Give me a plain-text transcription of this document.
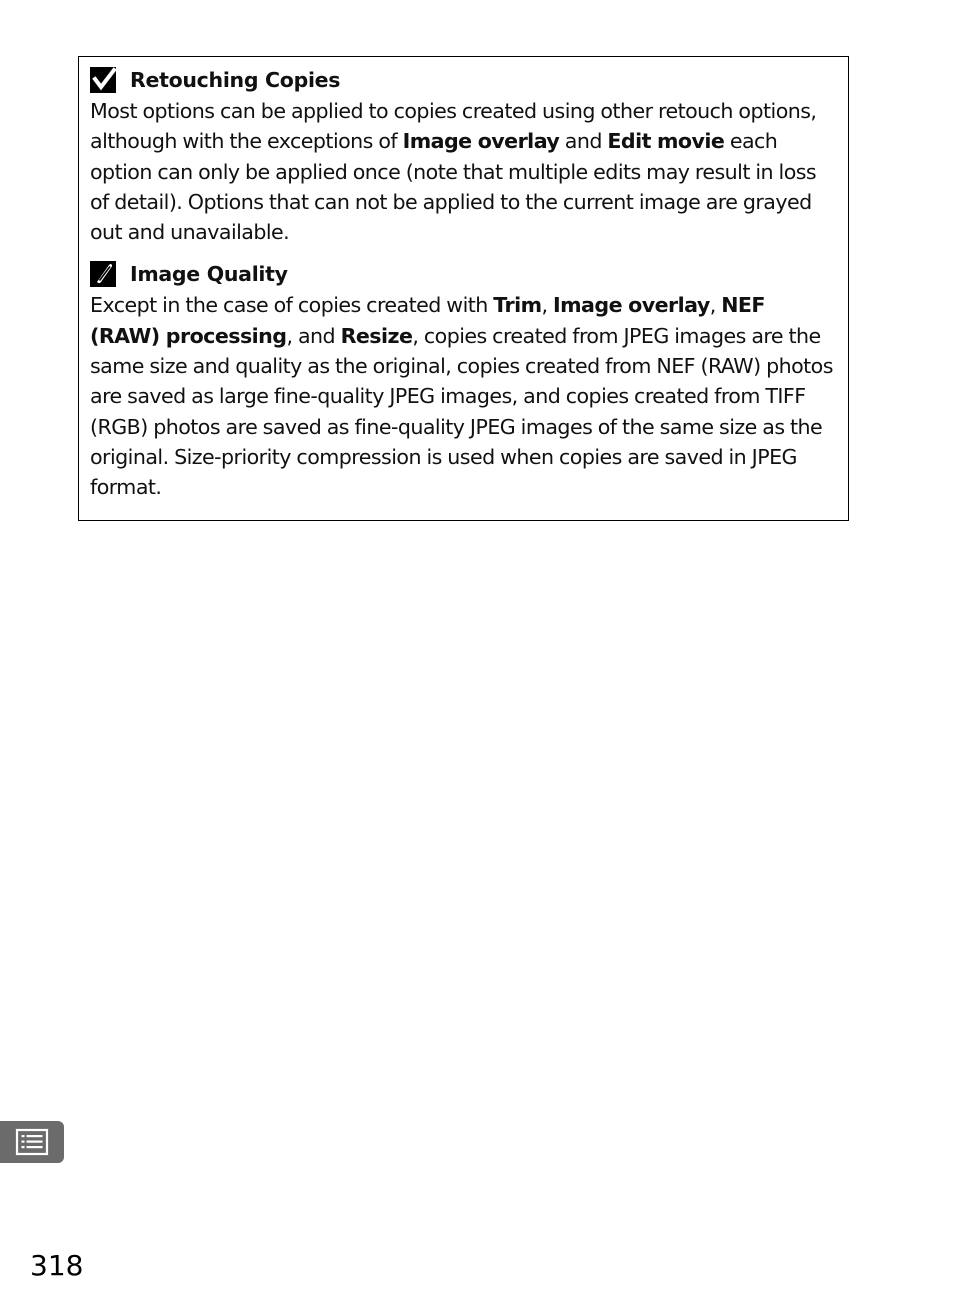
Retouching Copies

Most options can be applied to copies created using other retouch options, although with the exceptions of Image overlay and Edit movie each option can only be applied once (note that multiple edits may result in loss of detail). Options that can not be applied to the current image are grayed out and unavailable.

Image Quality

Except in the case of copies created with Trim, Image overlay, NEF (RAW) processing, and Resize, copies created from JPEG images are the same size and quality as the original, copies created from NEF (RAW) photos are saved as large fine-quality JPEG images, and copies created from TIFF (RGB) photos are saved as fine-quality JPEG images of the same size as the original. Size-priority compression is used when copies are saved in JPEG format.

318
